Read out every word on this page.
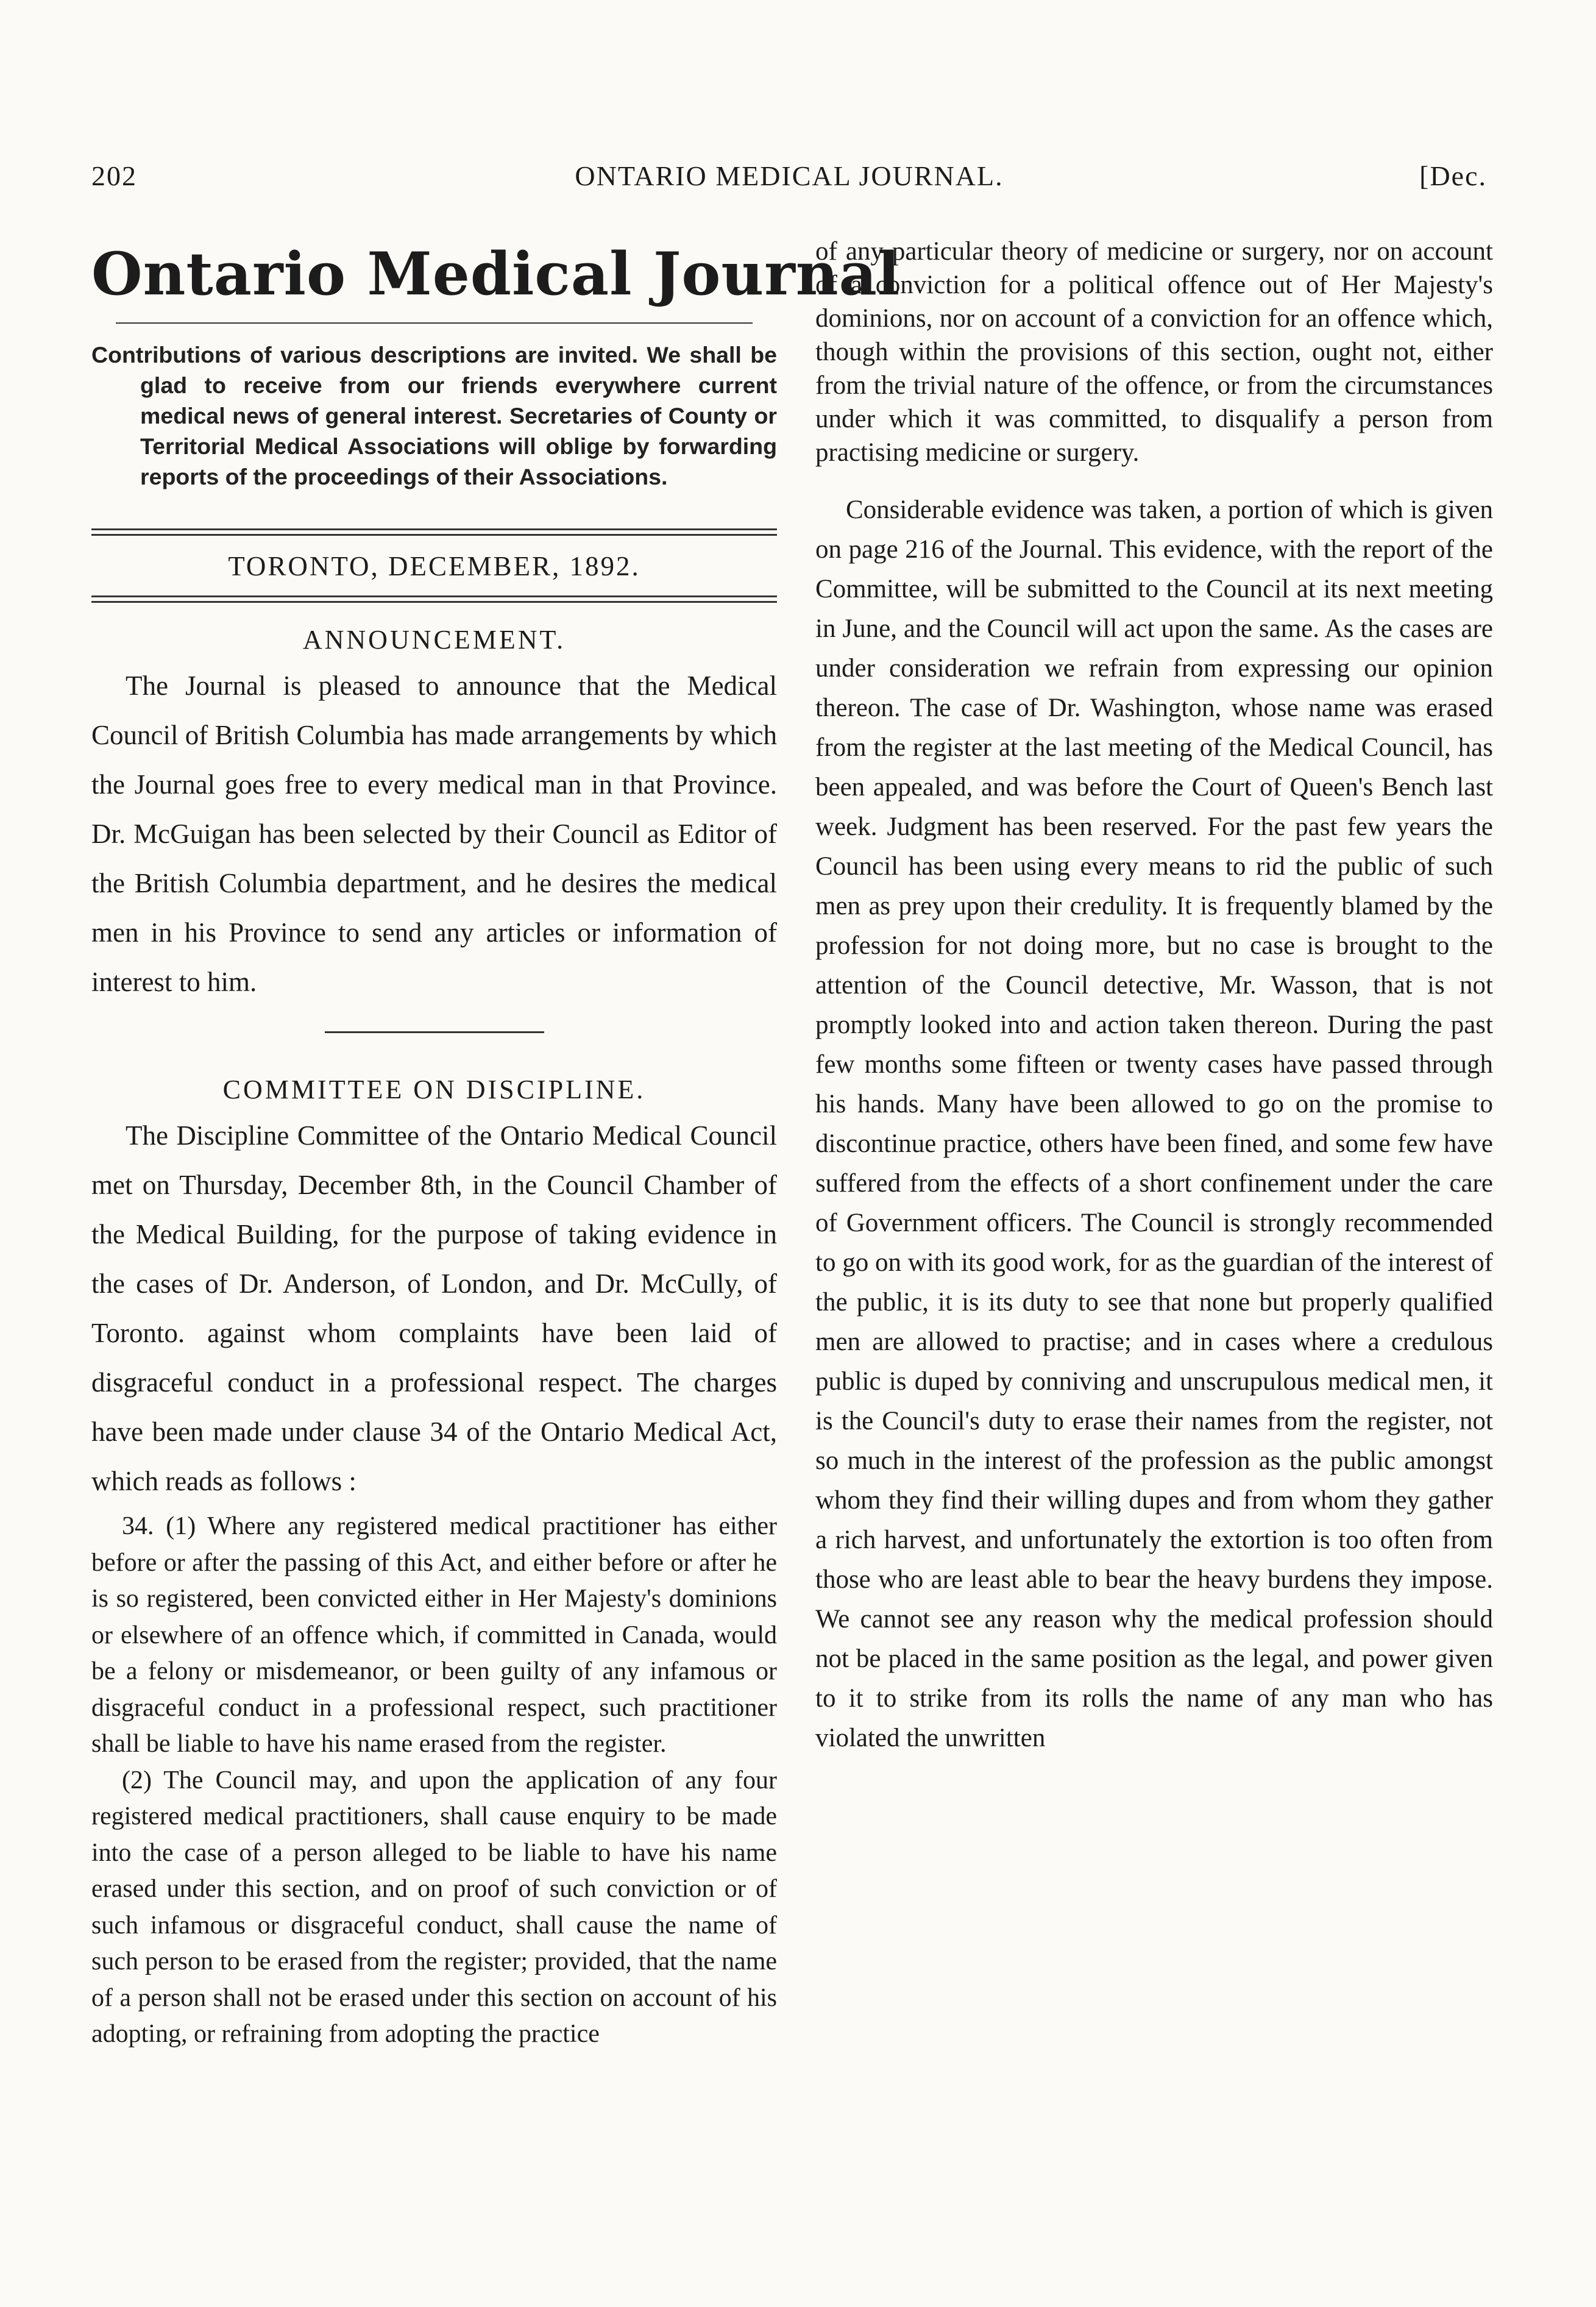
202	ONTARIO MEDICAL JOURNAL.	[Dec.
Ontario Medical Journal

Contributions of various descriptions are invited. We shall be glad to receive from our friends everywhere current medical news of general interest. Secretaries of County or Territorial Medical Associations will oblige by forwarding reports of the proceedings of their Associations.

TORONTO, DECEMBER, 1892.
ANNOUNCEMENT.

The Journal is pleased to announce that the Medical Council of British Columbia has made arrangements by which the Journal goes free to every medical man in that Province. Dr. McGuigan has been selected by their Council as Editor of the British Columbia department, and he desires the medical men in his Province to send any articles or information of interest to him.

COMMITTEE ON DISCIPLINE.

The Discipline Committee of the Ontario Medical Council met on Thursday, December 8th, in the Council Chamber of the Medical Building, for the purpose of taking evidence in the cases of Dr. Anderson, of London, and Dr. McCully, of Toronto. against whom complaints have been laid of disgraceful conduct in a professional respect. The charges have been made under clause 34 of the Ontario Medical Act, which reads as follows :

34. (1) Where any registered medical practitioner has either before or after the passing of this Act, and either before or after he is so registered, been convicted either in Her Majesty's dominions or elsewhere of an offence which, if committed in Canada, would be a felony or misdemeanor, or been guilty of any infamous or disgraceful conduct in a professional respect, such practitioner shall be liable to have his name erased from the register.

(2) The Council may, and upon the application of any four registered medical practitioners, shall cause enquiry to be made into the case of a person alleged to be liable to have his name erased under this section, and on proof of such conviction or of such infamous or disgraceful conduct, shall cause the name of such person to be erased from the register; provided, that the name of a person shall not be erased under this section on account of his adopting, or refraining from adopting the practice

of any particular theory of medicine or surgery, nor on account of a conviction for a political offence out of Her Majesty's dominions, nor on account of a conviction for an offence which, though within the provisions of this section, ought not, either from the trivial nature of the offence, or from the circumstances under which it was committed, to disqualify a person from practising medicine or surgery.

Considerable evidence was taken, a portion of which is given on page 216 of the Journal. This evidence, with the report of the Committee, will be submitted to the Council at its next meeting in June, and the Council will act upon the same. As the cases are under consideration we refrain from expressing our opinion thereon. The case of Dr. Washington, whose name was erased from the register at the last meeting of the Medical Council, has been appealed, and was before the Court of Queen's Bench last week. Judgment has been reserved. For the past few years the Council has been using every means to rid the public of such men as prey upon their credulity. It is frequently blamed by the profession for not doing more, but no case is brought to the attention of the Council detective, Mr. Wasson, that is not promptly looked into and action taken thereon. During the past few months some fifteen or twenty cases have passed through his hands. Many have been allowed to go on the promise to discontinue practice, others have been fined, and some few have suffered from the effects of a short confinement under the care of Government officers. The Council is strongly recommended to go on with its good work, for as the guardian of the interest of the public, it is its duty to see that none but properly qualified men are allowed to practise; and in cases where a credulous public is duped by conniving and unscrupulous medical men, it is the Council's duty to erase their names from the register, not so much in the interest of the profession as the public amongst whom they find their willing dupes and from whom they gather a rich harvest, and unfortunately the extortion is too often from those who are least able to bear the heavy burdens they impose. We cannot see any reason why the medical profession should not be placed in the same position as the legal, and power given to it to strike from its rolls the name of any man who has violated the unwritten
